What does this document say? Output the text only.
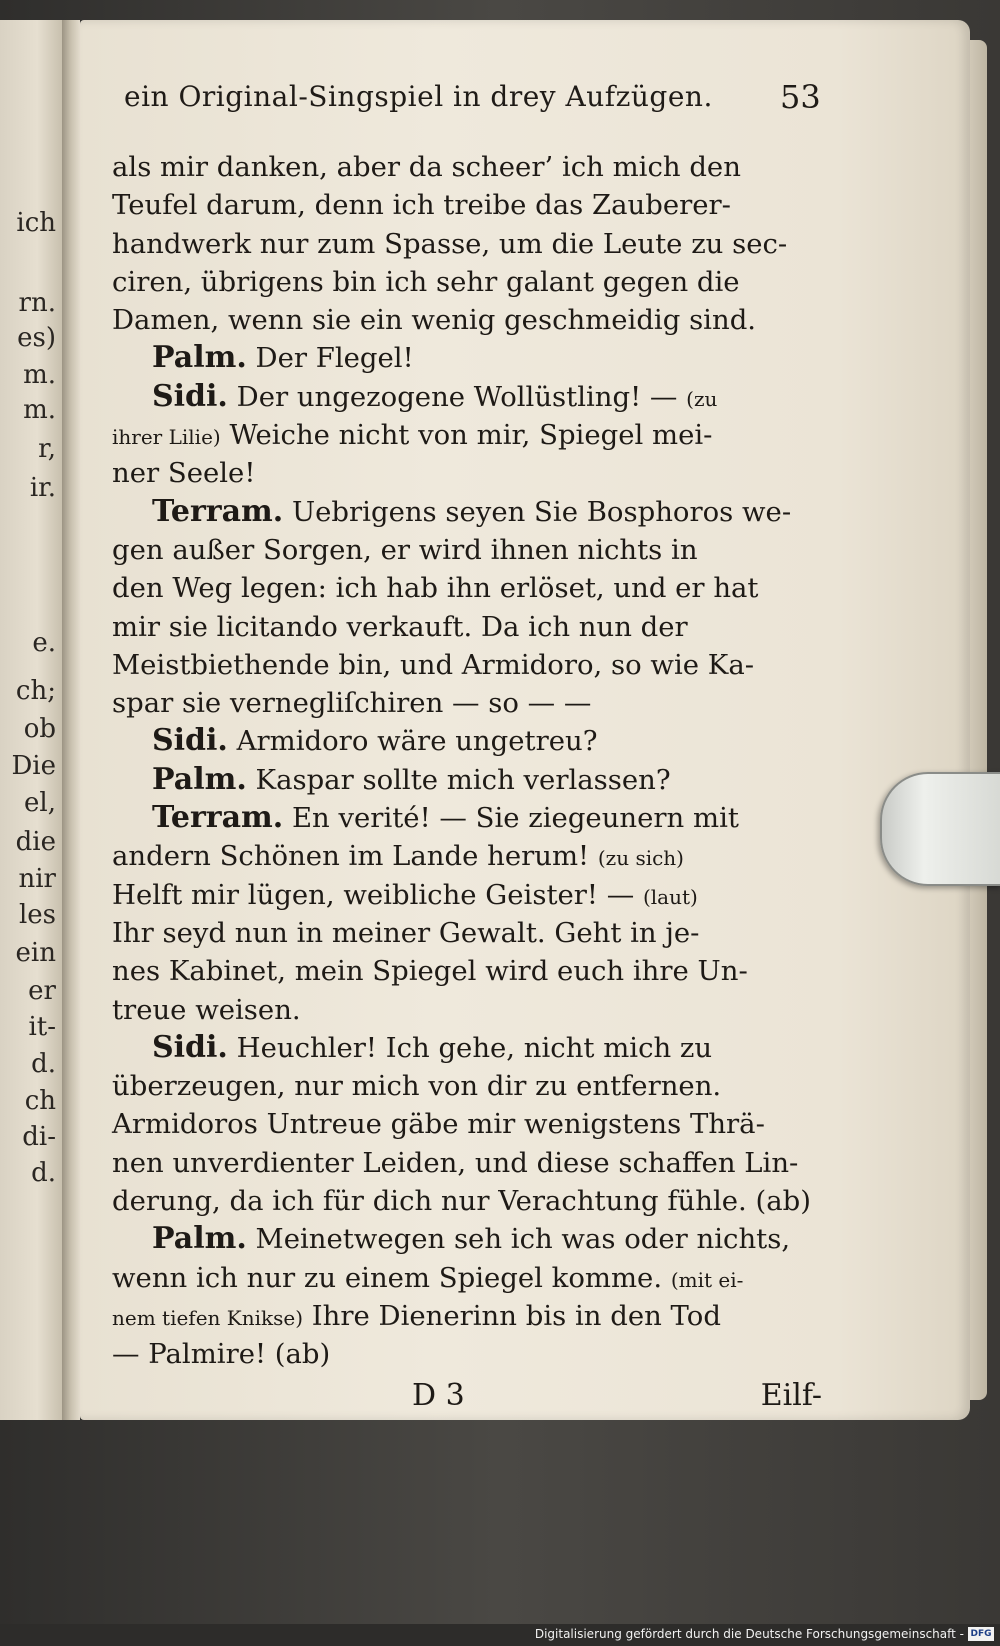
ich
rn.
es)
m.
m.
r,
ir.
e.
ch;
ob
Die
el,
die
nir
les
ein
er
it-
d.
ch
di-
d.
ein Original-Singspiel in drey Aufzügen.	53
als mir danken, aber da scheer’ ich mich den
Teufel darum, denn ich treibe das Zauberer-
handwerk nur zum Spasse, um die Leute zu sec-
ciren, übrigens bin ich sehr galant gegen die
Damen, wenn sie ein wenig geschmeidig sind.
Palm. Der Flegel!
Sidi. Der ungezogene Wollüstling! — (zu
ihrer Lilie) Weiche nicht von mir, Spiegel mei-
ner Seele!
Terram. Uebrigens seyen Sie Bosphoros we-
gen außer Sorgen, er wird ihnen nichts in
den Weg legen: ich hab ihn erlöset, und er hat
mir sie licitando verkauft. Da ich nun der
Meistbiethende bin, und Armidoro, so wie Ka-
spar sie vernegliſchiren — so — —
Sidi. Armidoro wäre ungetreu?
Palm. Kaspar sollte mich verlassen?
Terram. En verité! — Sie ziegeunern mit
andern Schönen im Lande herum! (zu sich)
Helft mir lügen, weibliche Geister! — (laut)
Ihr seyd nun in meiner Gewalt. Geht in je-
nes Kabinet, mein Spiegel wird euch ihre Un-
treue weisen.
Sidi. Heuchler! Ich gehe, nicht mich zu
überzeugen, nur mich von dir zu entfernen.
Armidoros Untreue gäbe mir wenigstens Thrä-
nen unverdienter Leiden, und diese schaffen Lin-
derung, da ich für dich nur Verachtung fühle. (ab)
Palm. Meinetwegen seh ich was oder nichts,
wenn ich nur zu einem Spiegel komme. (mit ei-
nem tiefen Knikse) Ihre Dienerinn bis in den Tod
— Palmire! (ab)
D 3	Eilf-
Digitalisierung gefördert durch die Deutsche Forschungsgemeinschaft - DFG
